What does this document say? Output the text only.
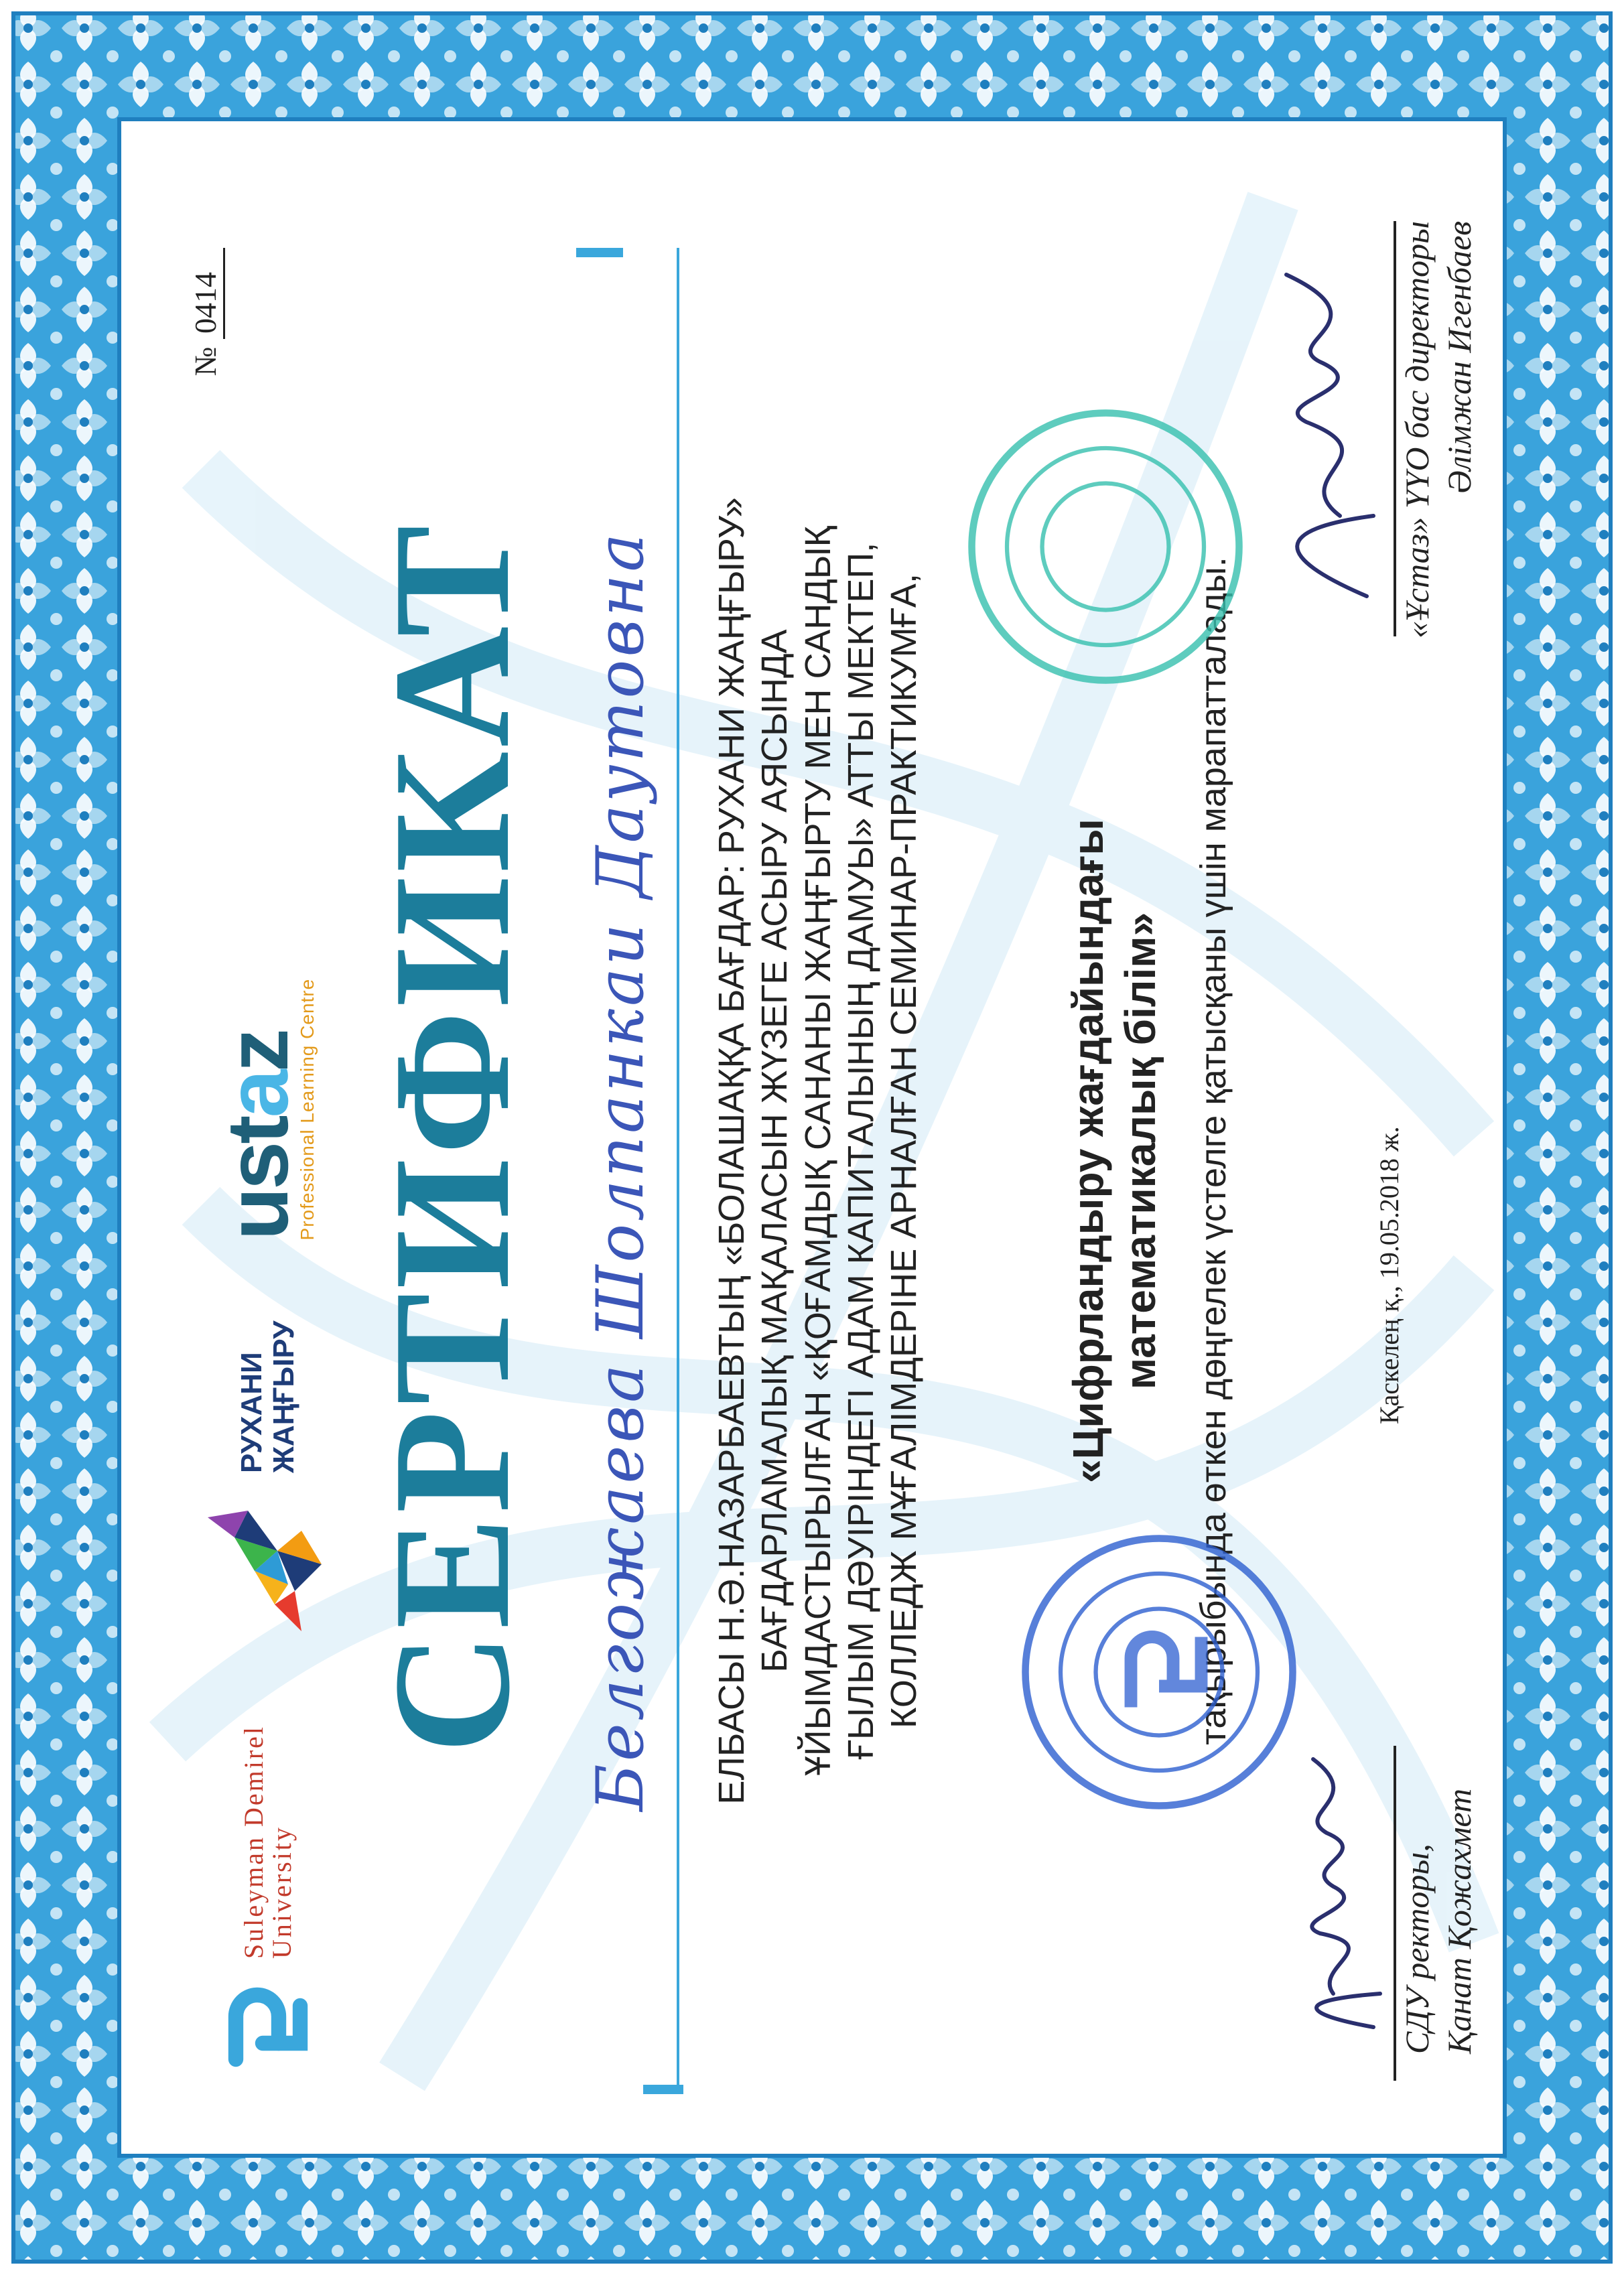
№ 0414
Suleyman Demirel
University
РУХАНИ ЖАҢҒЫРУ
ustaz
Professional Learning Centre СЕРТИФИКАТ Белгожаева Шолпанкаи Даутовна ЕЛБАСЫ Н.Ә.НАЗАРБАЕВТЫҢ «БОЛАШАҚҚА БАҒДАР: РУХАНИ ЖАҢҒЫРУ» БАҒДАРЛАМАЛЫҚ МАҚАЛАСЫН ЖҮЗЕГЕ АСЫРУ АЯСЫНДА ҰЙЫМДАСТЫРЫЛҒАН «ҚОҒАМДЫҚ САНАНЫ ЖАҢҒЫРТУ МЕН САНДЫҚ ҒЫЛЫМ ДӘУІРІНДЕГІ АДАМ КАПИТАЛЫНЫҢ ДАМУЫ» АТТЫ МЕКТЕП, КОЛЛЕДЖ МҰҒАЛІМДЕРІНЕ АРНАЛҒАН СЕМИНАР-ПРАКТИКУМҒА,	«Цифрландыру жағдайындағы математикалық білім» тақырыбында өткен дөңгелек үстелге қатысқаны үшін марапатталады.
СДУ ректоры, Қанат Қожахмет
Қаскелең қ., 19.05.2018 ж.
«Ұстаз» ҮҮО бас директоры Әлімжан Игенбаев
